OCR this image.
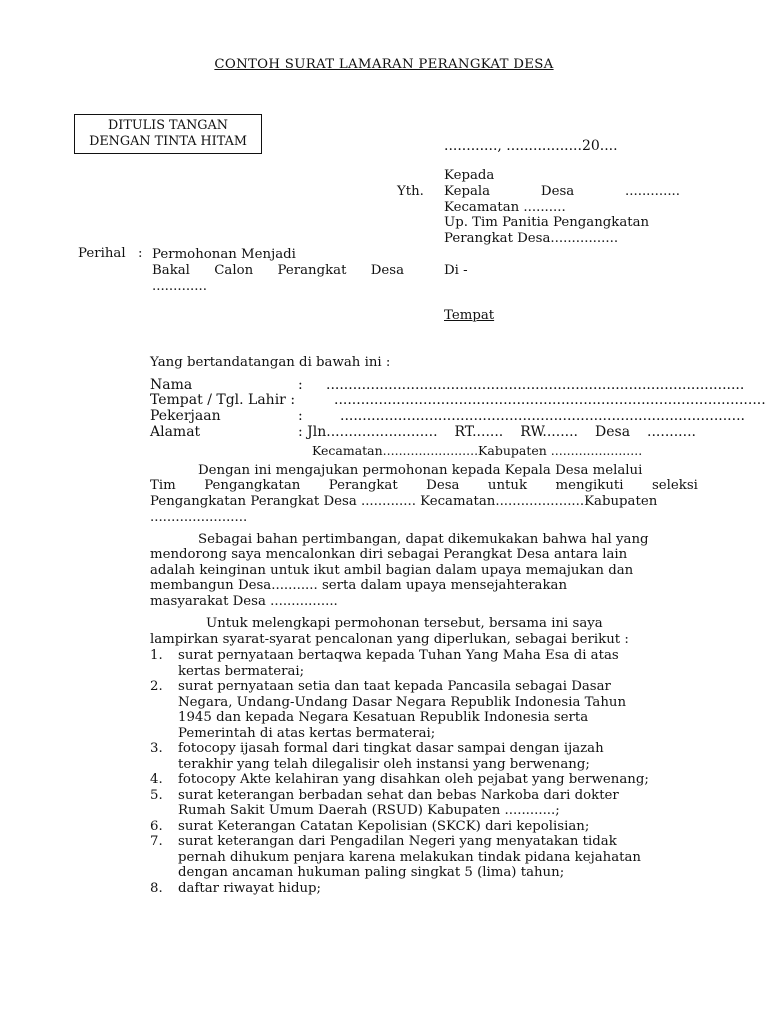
CONTOH SURAT LAMARAN PERANGKAT DESA
DITULIS TANGAN
DENGAN TINTA HITAM	............, .................20....
Kepada
Yth. Kepala	Desa	.............
Kecamatan ..........
Up. Tim Panitia Pengangkatan
Perangkat Desa................
Perihal : Permohonan Menjadi
Bakal Calon Perangkat Desa
.............
Di -
Tempat
Yang bertandatangan di bawah ini :
Nama	: ..............................................................................................
Tempat / Tgl. Lahir :	.................................................................................................
Pekerjaan	:	...........................................................................................
Alamat	: Jln......................... RT....... RW........ Desa ...........
Kecamatan........................Kabupaten .......................
Dengan ini mengajukan permohonan kepada Kepala Desa melalui
Tim Pengangkatan Perangkat Desa untuk mengikuti seleksi
Pengangkatan Perangkat Desa ............. Kecamatan.....................Kabupaten
.......................
Sebagai bahan pertimbangan, dapat dikemukakan bahwa hal yang
mendorong saya mencalonkan diri sebagai Perangkat Desa antara lain
adalah keinginan untuk ikut ambil bagian dalam upaya memajukan dan
membangun Desa........... serta dalam upaya mensejahterakan
masyarakat Desa ................
Untuk melengkapi permohonan tersebut, bersama ini saya
lampirkan syarat-syarat pencalonan yang diperlukan, sebagai berikut :
1.	surat pernyataan bertaqwa kepada Tuhan Yang Maha Esa di atas
kertas bermaterai;
2.	surat pernyataan setia dan taat kepada Pancasila sebagai Dasar
Negara, Undang-Undang Dasar Negara Republik Indonesia Tahun
1945 dan kepada Negara Kesatuan Republik Indonesia serta
Pemerintah di atas kertas bermaterai;
3.	fotocopy ijasah formal dari tingkat dasar sampai dengan ijazah
terakhir yang telah dilegalisir oleh instansi yang berwenang;
4.	fotocopy Akte kelahiran yang disahkan oleh pejabat yang berwenang;
5.	surat keterangan berbadan sehat dan bebas Narkoba dari dokter
Rumah Sakit Umum Daerah (RSUD) Kabupaten ............;
6.	surat Keterangan Catatan Kepolisian (SKCK) dari kepolisian;
7.	surat keterangan dari Pengadilan Negeri yang menyatakan tidak
pernah dihukum penjara karena melakukan tindak pidana kejahatan
dengan ancaman hukuman paling singkat 5 (lima) tahun;
8.	daftar riwayat hidup;
